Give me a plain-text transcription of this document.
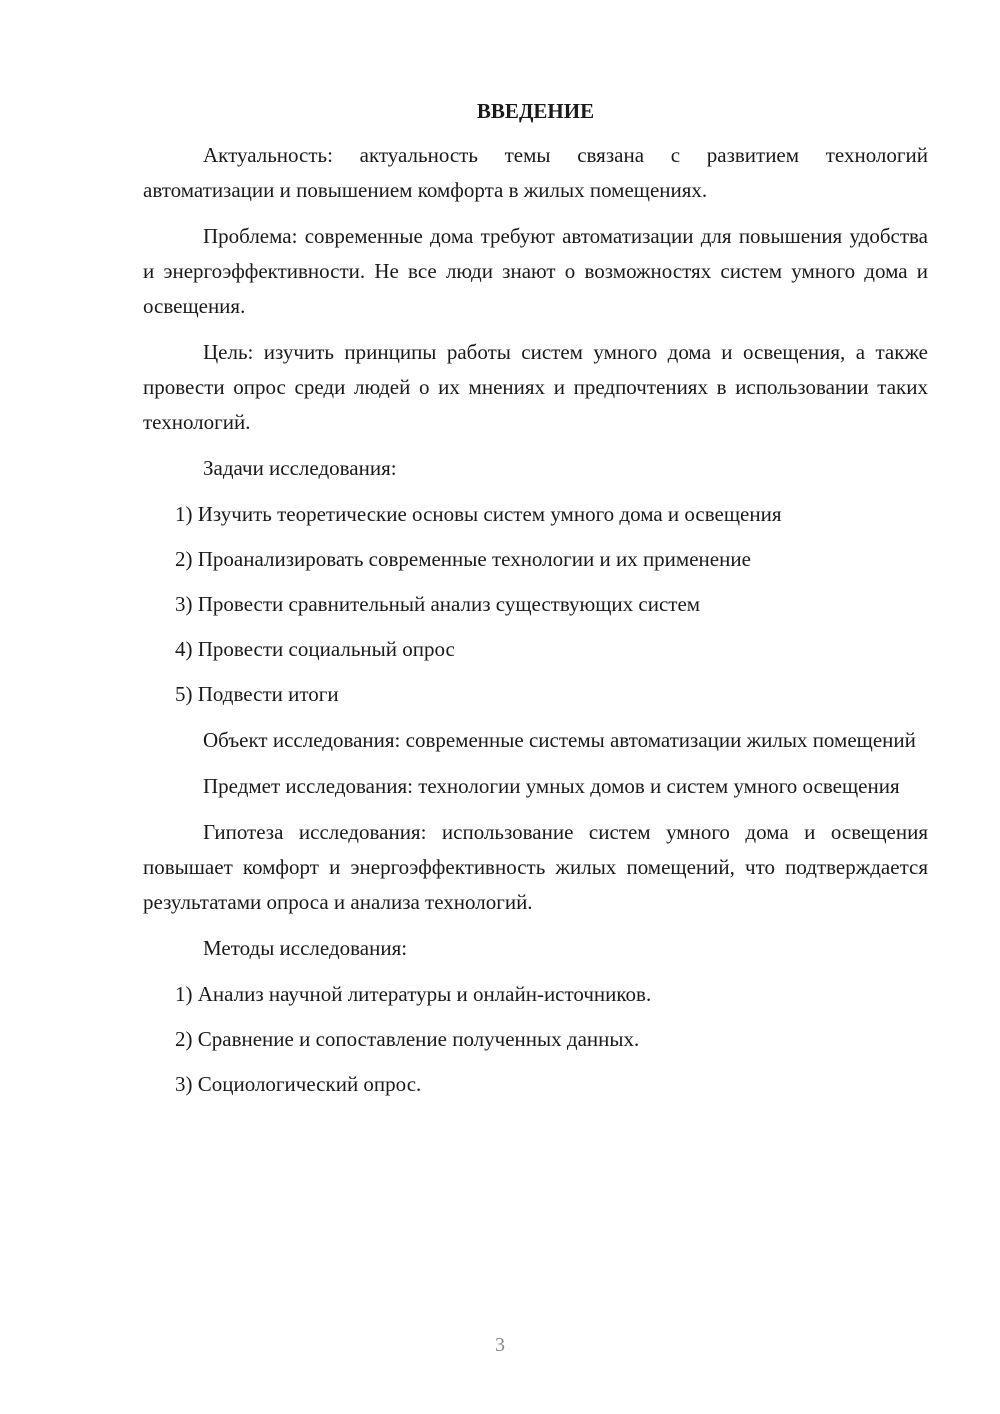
ВВЕДЕНИЕ

Актуальность: актуальность темы связана с развитием технологий автоматизации и повышением комфорта в жилых помещениях.

Проблема: современные дома требуют автоматизации для повышения удобства и энергоэффективности. Не все люди знают о возможностях систем умного дома и освещения.

Цель: изучить принципы работы систем умного дома и освещения, а также провести опрос среди людей о их мнениях и предпочтениях в использовании таких технологий.

Задачи исследования:

1) Изучить теоретические основы систем умного дома и освещения
2) Проанализировать современные технологии и их применение
3) Провести сравнительный анализ существующих систем
4) Провести социальный опрос
5) Подвести итоги

Объект исследования: современные системы автоматизации жилых помещений

Предмет исследования: технологии умных домов и систем умного освещения

Гипотеза исследования: использование систем умного дома и освещения повышает комфорт и энергоэффективность жилых помещений, что подтверждается результатами опроса и анализа технологий.

Методы исследования:

1) Анализ научной литературы и онлайн-источников.
2) Сравнение и сопоставление полученных данных.
3) Социологический опрос.
3
